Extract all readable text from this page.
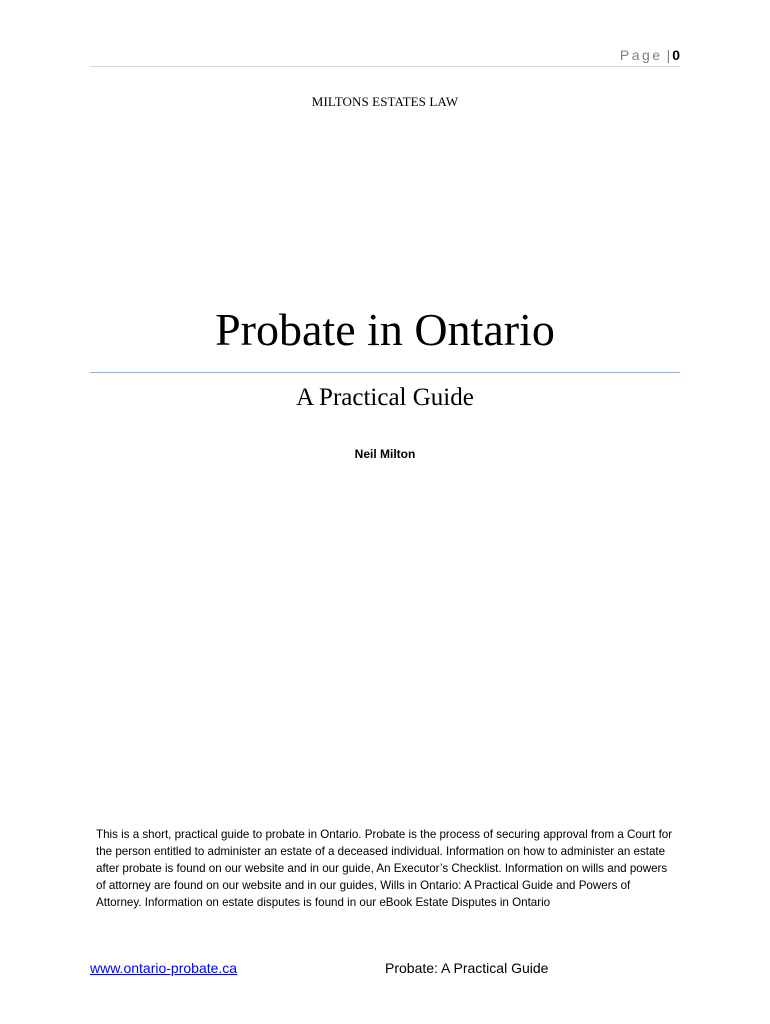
Page | 0
MILTONS ESTATES LAW
Probate in Ontario
A Practical Guide
Neil Milton
This is a short, practical guide to probate in Ontario. Probate is the process of securing approval from a Court for the person entitled to administer an estate of a deceased individual. Information on how to administer an estate after probate is found on our website and in our guide, An Executor’s Checklist. Information on wills and powers of attorney are found on our website and in our guides, Wills in Ontario: A Practical Guide and Powers of Attorney. Information on estate disputes is found in our eBook Estate Disputes in Ontario
www.ontario-probate.ca	Probate: A Practical Guide
